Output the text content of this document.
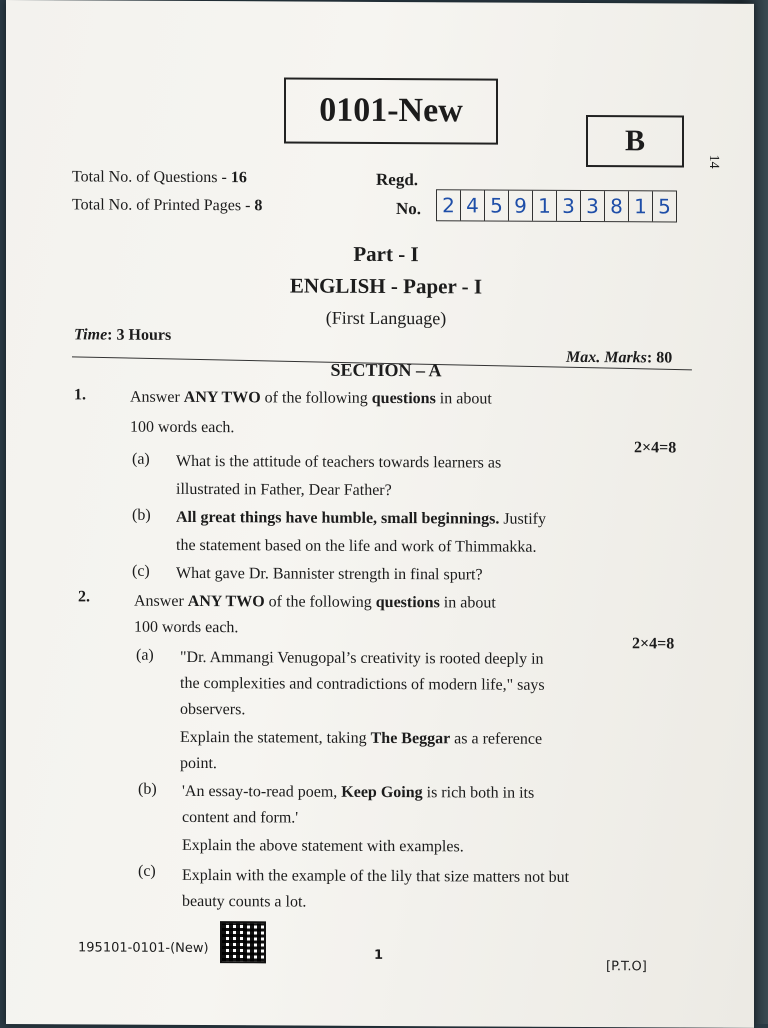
0101-New
B
14
Total No. of Questions - 16
Total No. of Printed Pages - 8
Regd.
No. 2 4 5 9 1 3 3 8 1 5
Part - I
ENGLISH - Paper - I
(First Language)
Time: 3 Hours
Max. Marks: 80
SECTION – A
1.	Answer ANY TWO of the following questions in about
100 words each.
2×4=8
(a) What is the attitude of teachers towards learners as
illustrated in Father, Dear Father?
(b) All great things have humble, small beginnings. Justify
the statement based on the life and work of Thimmakka.
(c) What gave Dr. Bannister strength in final spurt?
2.	Answer ANY TWO of the following questions in about
100 words each.
2×4=8
(a) "Dr. Ammangi Venugopal’s creativity is rooted deeply in
the complexities and contradictions of modern life," says
observers.
Explain the statement, taking The Beggar as a reference
point.
(b) 'An essay-to-read poem, Keep Going is rich both in its
content and form.'
Explain the above statement with examples.
(c) Explain with the example of the lily that size matters not but
beauty counts a lot.
195101-0101-(New)	1
[P.T.O]
